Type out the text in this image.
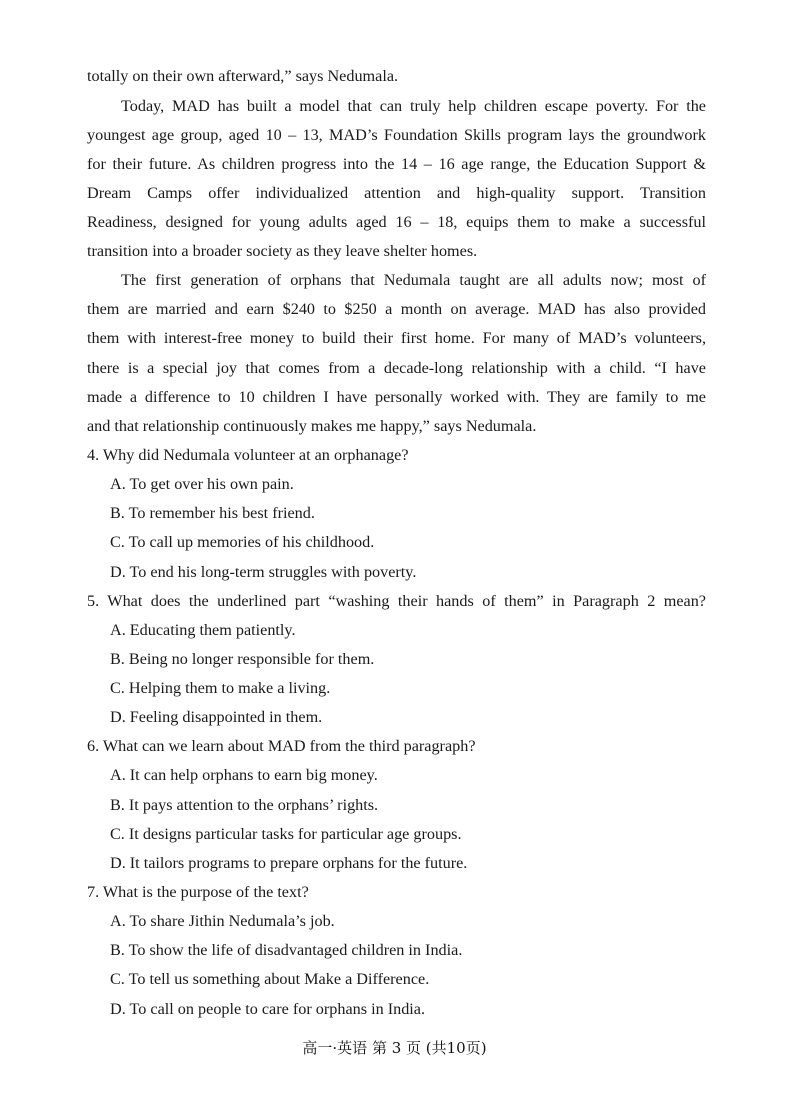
totally on their own afterward,” says Nedumala.
Today, MAD has built a model that can truly help children escape poverty. For the
youngest age group, aged 10 – 13, MAD’s Foundation Skills program lays the groundwork
for their future. As children progress into the 14 – 16 age range, the Education Support &
Dream Camps offer individualized attention and high-quality support. Transition
Readiness, designed for young adults aged 16 – 18, equips them to make a successful
transition into a broader society as they leave shelter homes.
The first generation of orphans that Nedumala taught are all adults now; most of
them are married and earn $240 to $250 a month on average. MAD has also provided
them with interest-free money to build their first home. For many of MAD’s volunteers,
there is a special joy that comes from a decade-long relationship with a child. “I have
made a difference to 10 children I have personally worked with. They are family to me
and that relationship continuously makes me happy,” says Nedumala.
4. Why did Nedumala volunteer at an orphanage?
A. To get over his own pain.
B. To remember his best friend.
C. To call up memories of his childhood.
D. To end his long-term struggles with poverty.
5. What does the underlined part “washing their hands of them” in Paragraph 2 mean?
A. Educating them patiently.
B. Being no longer responsible for them.
C. Helping them to make a living.
D. Feeling disappointed in them.
6. What can we learn about MAD from the third paragraph?
A. It can help orphans to earn big money.
B. It pays attention to the orphans’ rights.
C. It designs particular tasks for particular age groups.
D. It tailors programs to prepare orphans for the future.
7. What is the purpose of the text?
A. To share Jithin Nedumala’s job.
B. To show the life of disadvantaged children in India.
C. To tell us something about Make a Difference.
D. To call on people to care for orphans in India.
高一·英语 第 3 页 (共10页)
